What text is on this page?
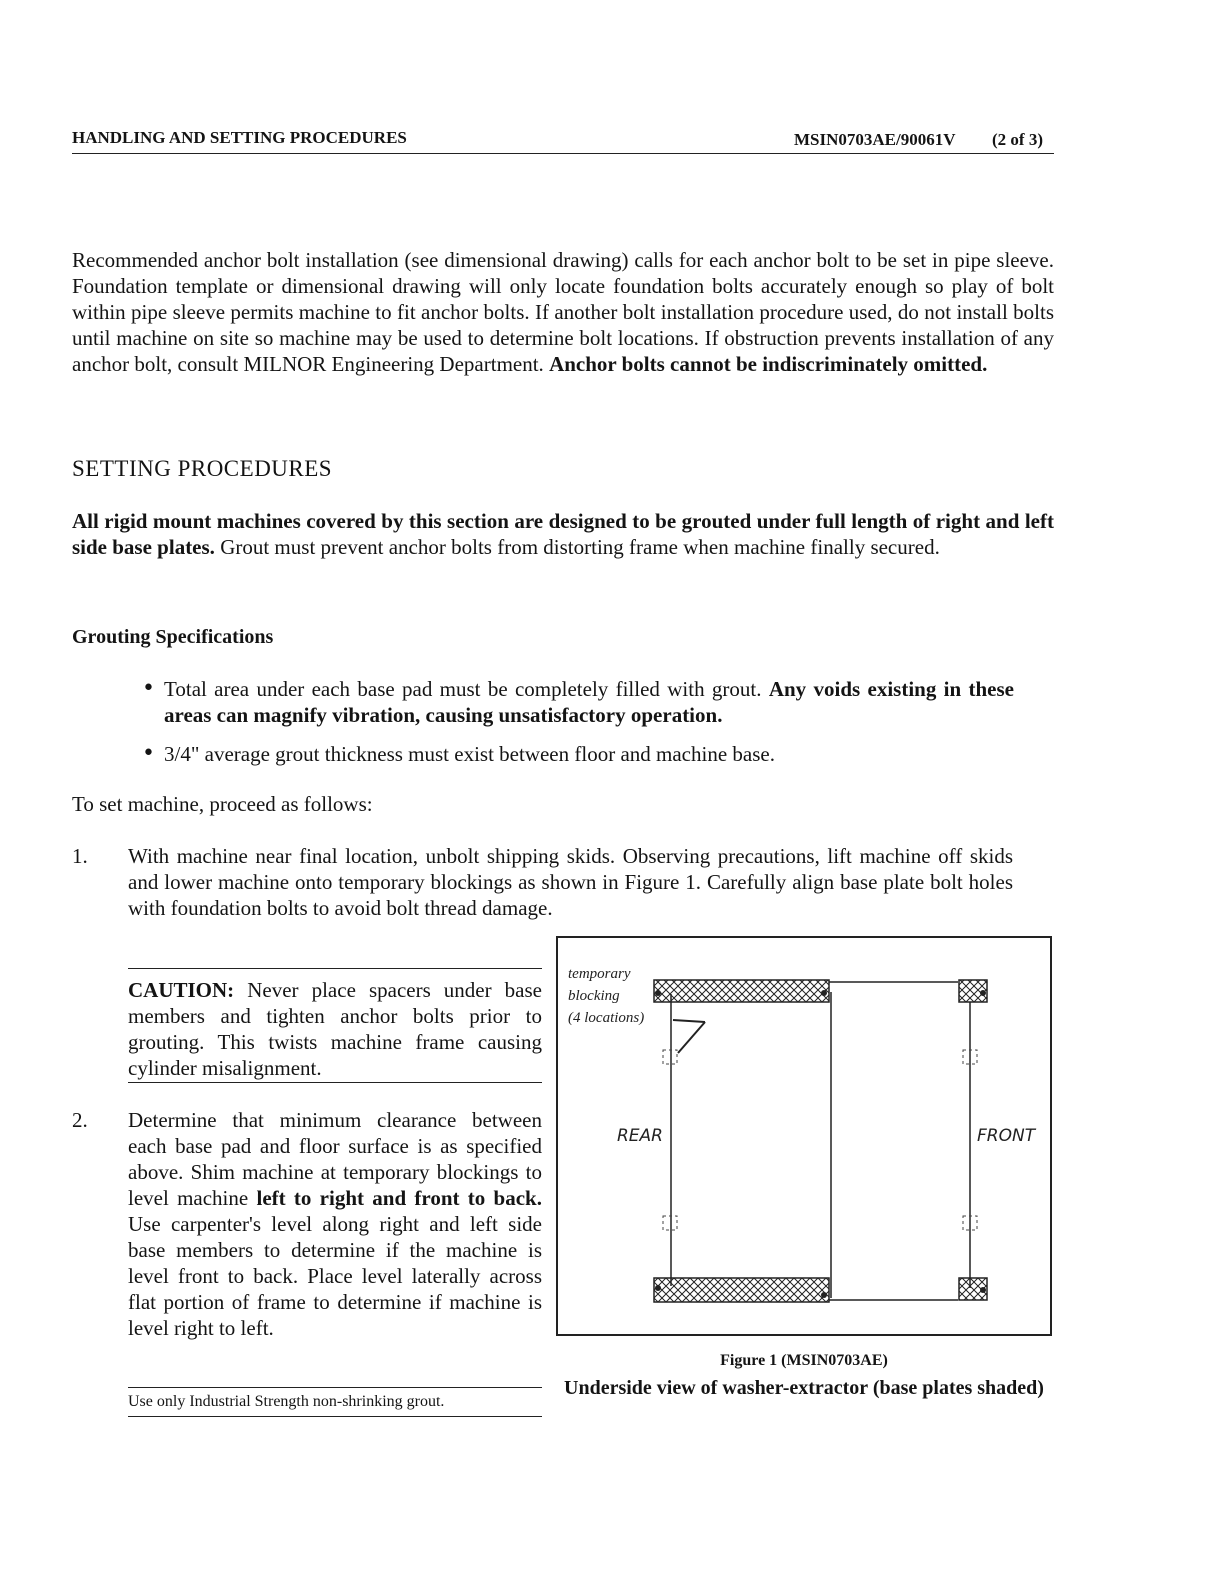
HANDLING AND SETTING PROCEDURES	MSIN0703AE/90061V (2 of 3)
Recommended anchor bolt installation (see dimensional drawing) calls for each anchor bolt to be set in pipe sleeve. Foundation template or dimensional drawing will only locate foundation bolts accurately enough so play of bolt within pipe sleeve permits machine to fit anchor bolts. If another bolt installation procedure used, do not install bolts until machine on site so machine may be used to determine bolt locations. If obstruction prevents installation of any anchor bolt, consult MILNOR Engineering Department. Anchor bolts cannot be indiscriminately omitted.
SETTING PROCEDURES
All rigid mount machines covered by this section are designed to be grouted under full length of right and left side base plates. Grout must prevent anchor bolts from distorting frame when machine finally secured.
Grouting Specifications
• Total area under each base pad must be completely filled with grout. Any voids existing in these areas can magnify vibration, causing unsatisfactory operation.
• 3/4" average grout thickness must exist between floor and machine base.
To set machine, proceed as follows:
1. With machine near final location, unbolt shipping skids. Observing precautions, lift machine off skids and lower machine onto temporary blockings as shown in Figure 1. Carefully align base plate bolt holes with foundation bolts to avoid bolt thread damage.
CAUTION: Never place spacers under base members and tighten anchor bolts prior to grouting. This twists machine frame causing cylinder misalignment.
2. Determine that minimum clearance between each base pad and floor surface is as specified above. Shim machine at temporary blockings to level machine left to right and front to back. Use carpenter's level along right and left side base members to determine if the machine is level front to back. Place level laterally across flat portion of frame to determine if machine is level right to left.
Use only Industrial Strength non-shrinking grout.
temporary
blocking
(4 locations)
REAR	FRONT
Figure 1 (MSIN0703AE)
Underside view of washer-extractor (base plates shaded)
